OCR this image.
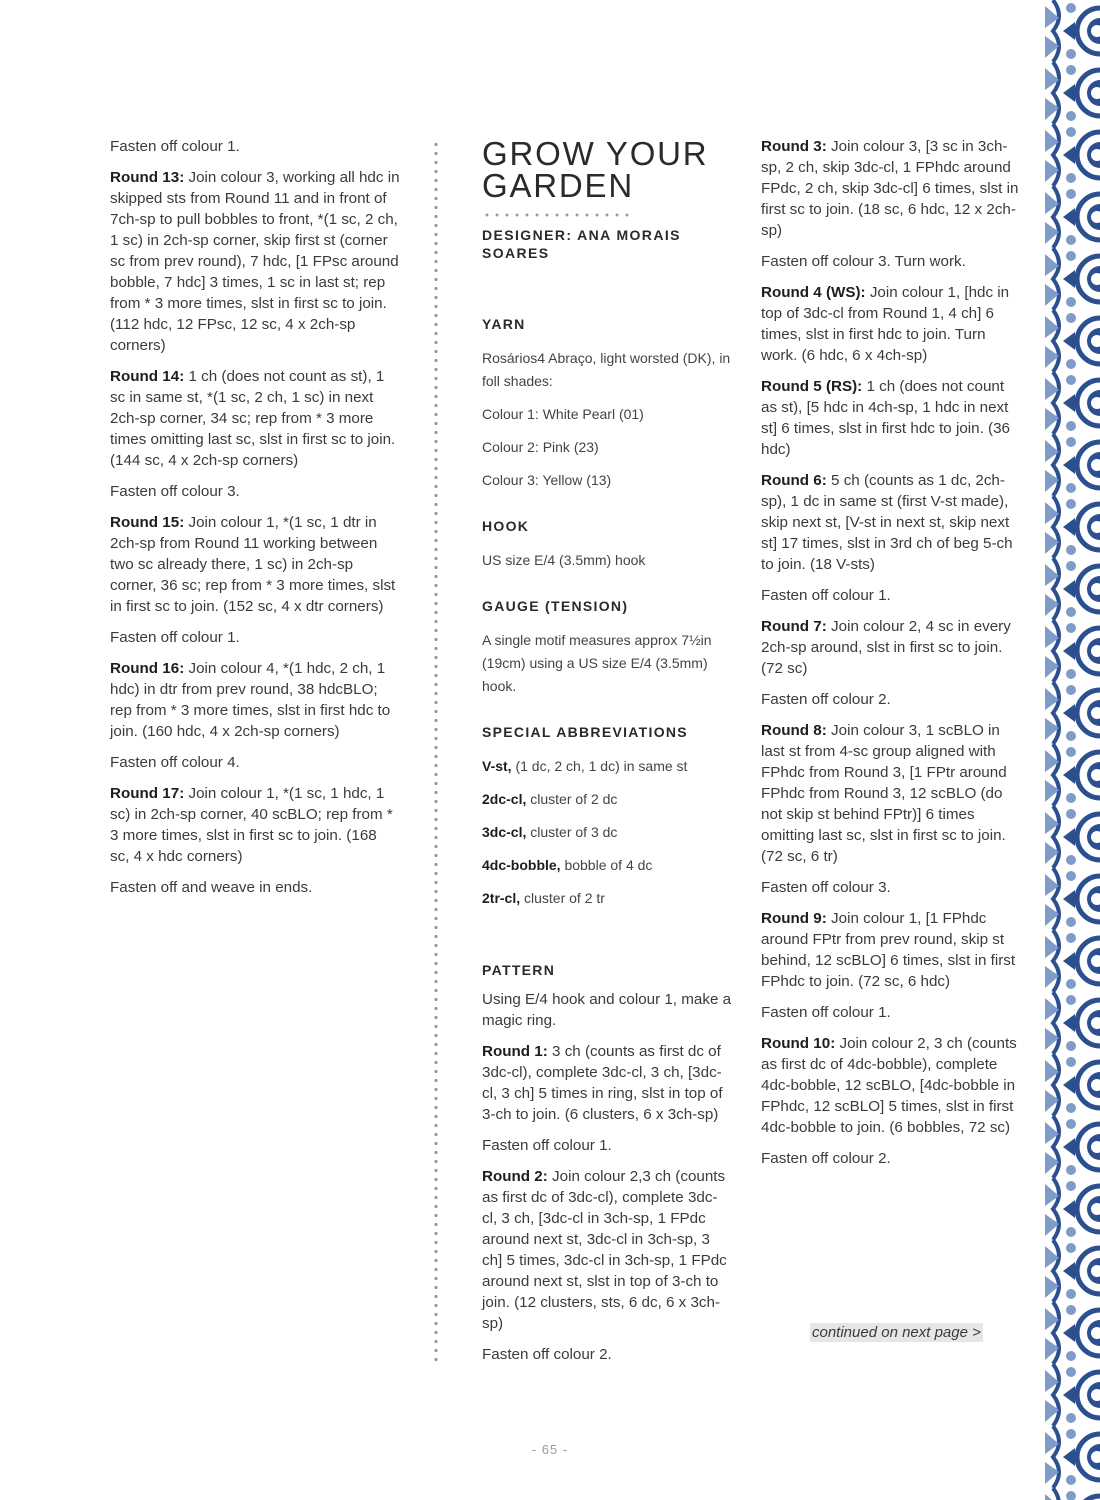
Fasten off colour 1.

Round 13: Join colour 3, working all hdc in skipped sts from Round 11 and in front of 7ch-sp to pull bobbles to front, *(1 sc, 2 ch, 1 sc) in 2ch-sp corner, skip first st (corner sc from prev round), 7 hdc, [1 FPsc around bobble, 7 hdc] 3 times, 1 sc in last st; rep from * 3 more times, slst in first sc to join. (112 hdc, 12 FPsc, 12 sc, 4 x 2ch-sp corners)

Round 14: 1 ch (does not count as st), 1 sc in same st, *(1 sc, 2 ch, 1 sc) in next 2ch-sp corner, 34 sc; rep from * 3 more times omitting last sc, slst in first sc to join. (144 sc, 4 x 2ch-sp corners)

Fasten off colour 3.

Round 15: Join colour 1, *(1 sc, 1 dtr in 2ch-sp from Round 11 working between two sc already there, 1 sc) in 2ch-sp corner, 36 sc; rep from * 3 more times, slst in first sc to join. (152 sc, 4 x dtr corners)

Fasten off colour 1.

Round 16: Join colour 4, *(1 hdc, 2 ch, 1 hdc) in dtr from prev round, 38 hdcBLO; rep from * 3 more times, slst in first hdc to join. (160 hdc, 4 x 2ch-sp corners)

Fasten off colour 4.

Round 17: Join colour 1, *(1 sc, 1 hdc, 1 sc) in 2ch-sp corner, 40 scBLO; rep from * 3 more times, slst in first sc to join. (168 sc, 4 x hdc corners)

Fasten off and weave in ends.

GROW YOUR GARDEN
DESIGNER: ANA MORAIS SOARES
YARN

Rosários4 Abraço, light worsted (DK), in foll shades:

Colour 1: White Pearl (01)

Colour 2: Pink (23)

Colour 3: Yellow (13)

HOOK

US size E/4 (3.5mm) hook

GAUGE (TENSION)

A single motif measures approx 7½in (19cm) using a US size E/4 (3.5mm) hook.

SPECIAL ABBREVIATIONS

V-st, (1 dc, 2 ch, 1 dc) in same st

2dc-cl, cluster of 2 dc

3dc-cl, cluster of 3 dc

4dc-bobble, bobble of 4 dc

2tr-cl, cluster of 2 tr

PATTERN

Using E/4 hook and colour 1, make a magic ring.

Round 1: 3 ch (counts as first dc of 3dc-cl), complete 3dc-cl, 3 ch, [3dc-cl, 3 ch] 5 times in ring, slst in top of 3-ch to join. (6 clusters, 6 x 3ch-sp)

Fasten off colour 1.

Round 2: Join colour 2,3 ch (counts as first dc of 3dc-cl), complete 3dc-cl, 3 ch, [3dc-cl in 3ch-sp, 1 FPdc around next st, 3dc-cl in 3ch-sp, 3 ch] 5 times, 3dc-cl in 3ch-sp, 1 FPdc around next st, slst in top of 3-ch to join. (12 clusters, sts, 6 dc, 6 x 3ch-sp)

Fasten off colour 2.

Round 3: Join colour 3, [3 sc in 3ch-sp, 2 ch, skip 3dc-cl, 1 FPhdc around FPdc, 2 ch, skip 3dc-cl] 6 times, slst in first sc to join. (18 sc, 6 hdc, 12 x 2ch-sp)

Fasten off colour 3. Turn work.

Round 4 (WS): Join colour 1, [hdc in top of 3dc-cl from Round 1, 4 ch] 6 times, slst in first hdc to join. Turn work. (6 hdc, 6 x 4ch-sp)

Round 5 (RS): 1 ch (does not count as st), [5 hdc in 4ch-sp, 1 hdc in next st] 6 times, slst in first hdc to join. (36 hdc)

Round 6: 5 ch (counts as 1 dc, 2ch-sp), 1 dc in same st (first V-st made), skip next st, [V-st in next st, skip next st] 17 times, slst in 3rd ch of beg 5-ch to join. (18 V-sts)

Fasten off colour 1.

Round 7: Join colour 2, 4 sc in every 2ch-sp around, slst in first sc to join. (72 sc)

Fasten off colour 2.

Round 8: Join colour 3, 1 scBLO in last st from 4-sc group aligned with FPhdc from Round 3, [1 FPtr around FPhdc from Round 3, 12 scBLO (do not skip st behind FPtr)] 6 times omitting last sc, slst in first sc to join. (72 sc, 6 tr)

Fasten off colour 3.

Round 9: Join colour 1, [1 FPhdc around FPtr from prev round, skip st behind, 12 scBLO] 6 times, slst in first FPhdc to join. (72 sc, 6 hdc)

Fasten off colour 1.

Round 10: Join colour 2, 3 ch (counts as first dc of 4dc-bobble), complete 4dc-bobble, 12 scBLO, [4dc-bobble in FPhdc, 12 scBLO] 5 times, slst in first 4dc-bobble to join. (6 bobbles, 72 sc)

Fasten off colour 2.

continued on next page >
- 65 -
